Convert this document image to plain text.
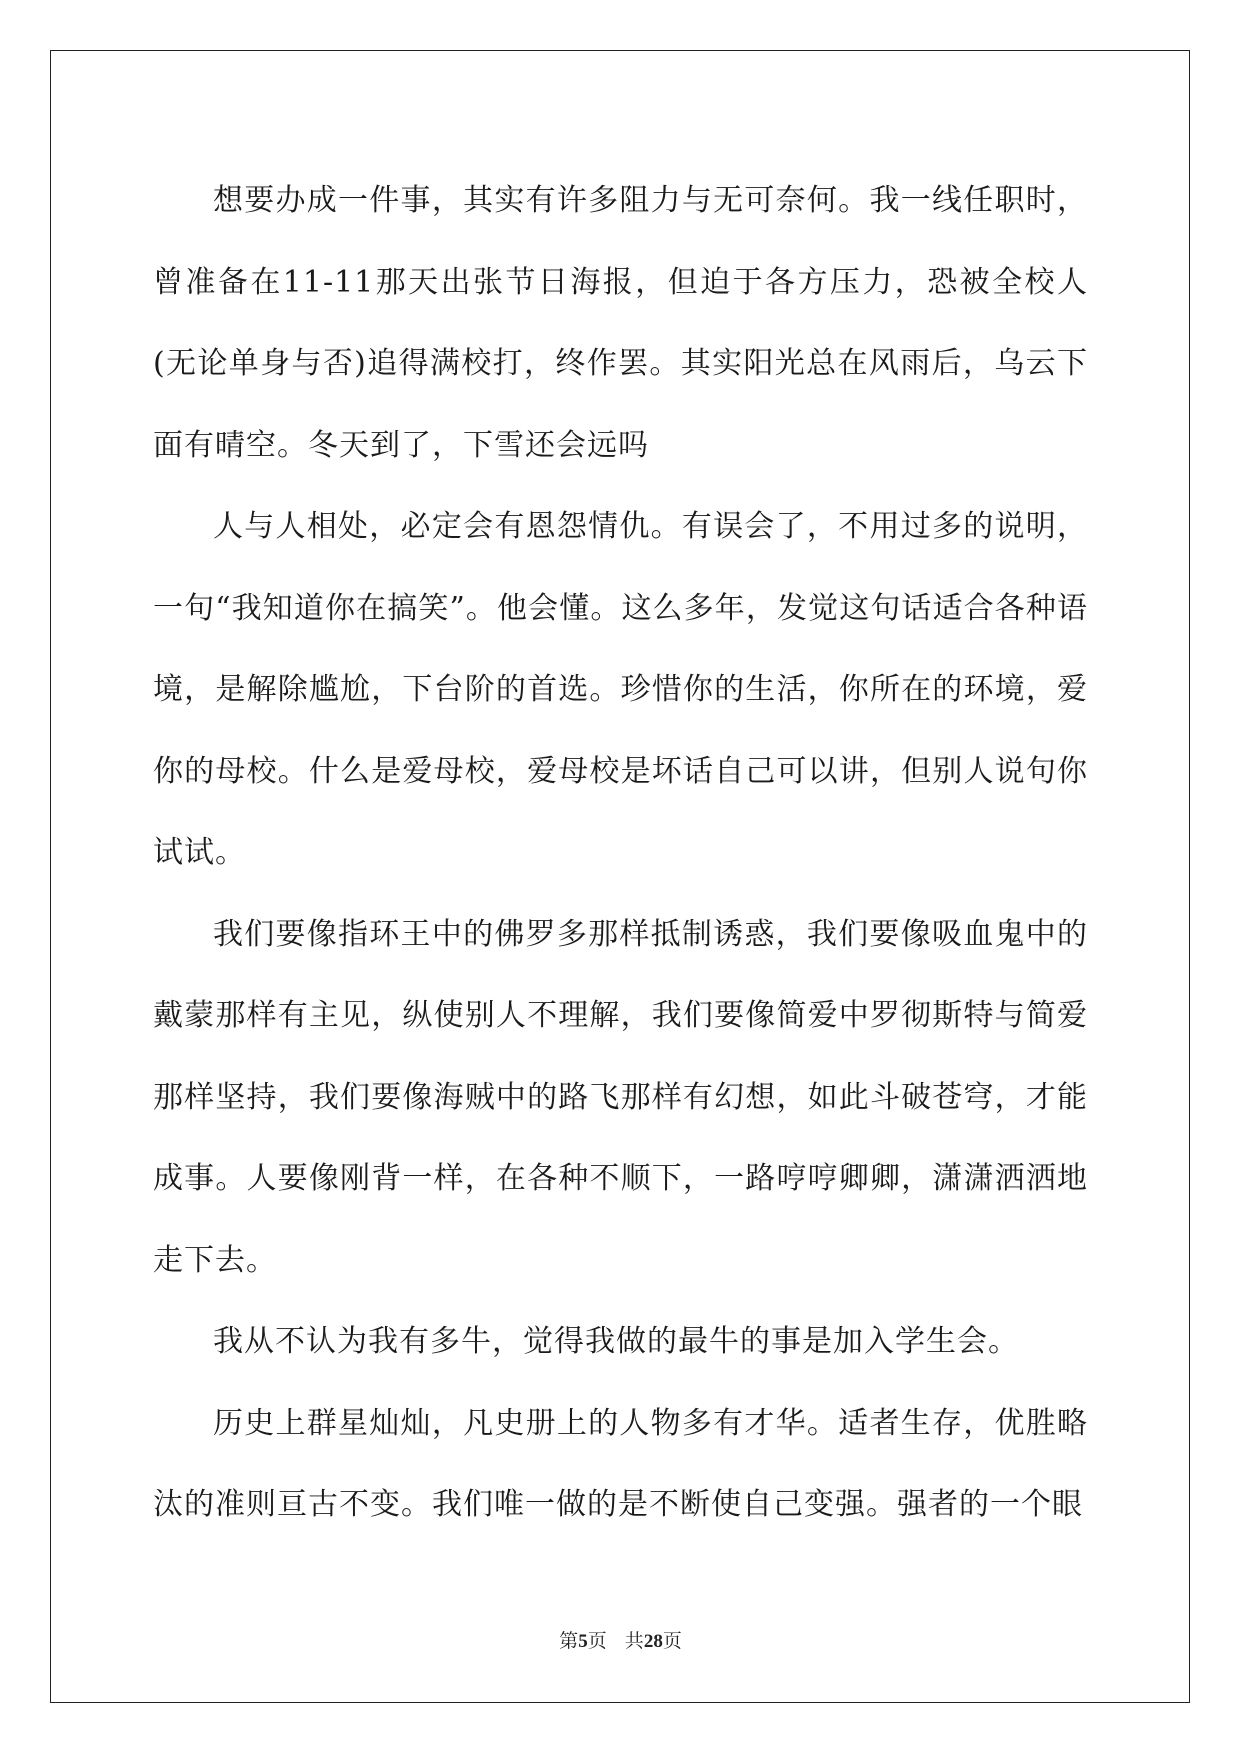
想要办成一件事，其实有许多阻力与无可奈何。我一线任职时，曾准备在11-11那天出张节日海报，但迫于各方压力，恐被全校人(无论单身与否)追得满校打，终作罢。其实阳光总在风雨后，乌云下面有晴空。冬天到了，下雪还会远吗

人与人相处，必定会有恩怨情仇。有误会了，不用过多的说明，一句“我知道你在搞笑”。他会懂。这么多年，发觉这句话适合各种语境，是解除尴尬，下台阶的首选。珍惜你的生活，你所在的环境，爱你的母校。什么是爱母校，爱母校是坏话自己可以讲，但别人说句你试试。

我们要像指环王中的佛罗多那样抵制诱惑，我们要像吸血鬼中的戴蒙那样有主见，纵使别人不理解，我们要像简爱中罗彻斯特与简爱那样坚持，我们要像海贼中的路飞那样有幻想，如此斗破苍穹，才能成事。人要像刚背一样，在各种不顺下，一路哼哼卿卿，潇潇洒洒地走下去。

我从不认为我有多牛，觉得我做的最牛的事是加入学生会。

历史上群星灿灿，凡史册上的人物多有才华。适者生存，优胜略汰的准则亘古不变。我们唯一做的是不断使自己变强。强者的一个眼

第5页   共28页
